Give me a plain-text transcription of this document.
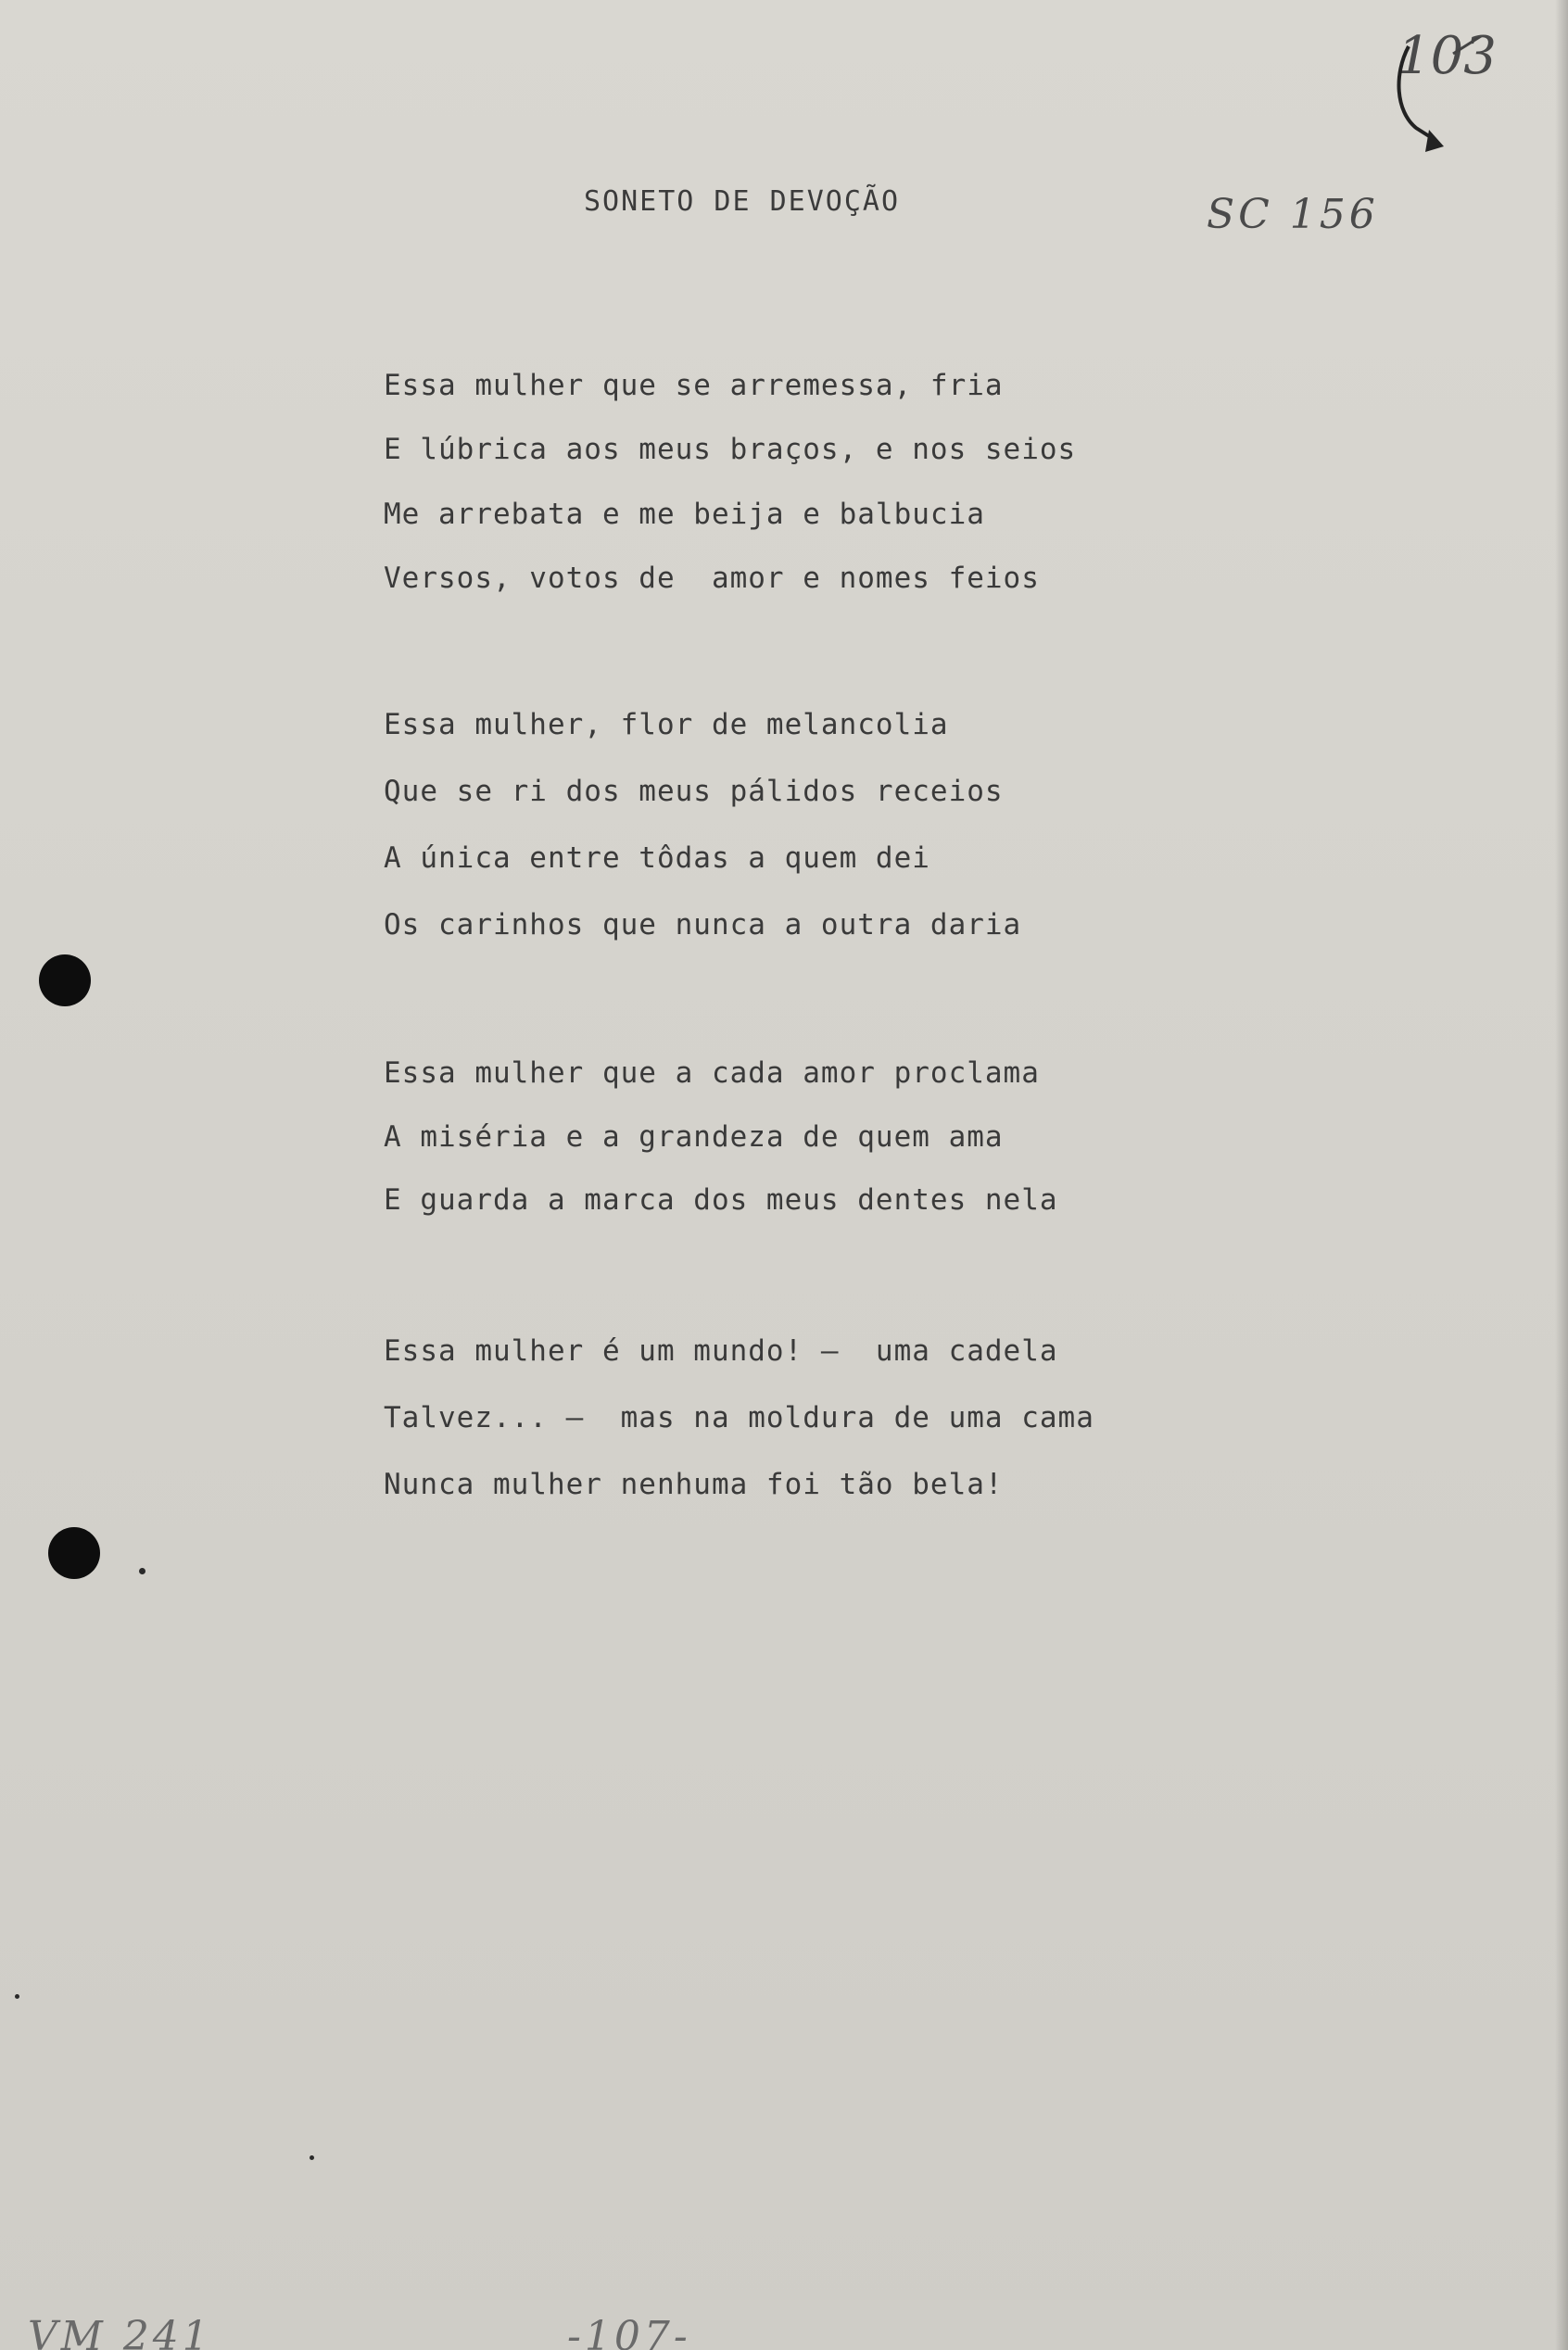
SONETO DE DEVOÇÃO
103
SC 156
Essa mulher que se arremessa, fria
E lúbrica aos meus braços, e nos seios
Me arrebata e me beija e balbucia
Versos, votos de  amor e nomes feios
Essa mulher, flor de melancolia
Que se ri dos meus pálidos receios
A única entre tôdas a quem dei
Os carinhos que nunca a outra daria
Essa mulher que a cada amor proclama
A miséria e a grandeza de quem ama
E guarda a marca dos meus dentes nela
Essa mulher é um mundo! —  uma cadela
Talvez... —  mas na moldura de uma cama
Nunca mulher nenhuma foi tão bela!
VM 241	-107-
